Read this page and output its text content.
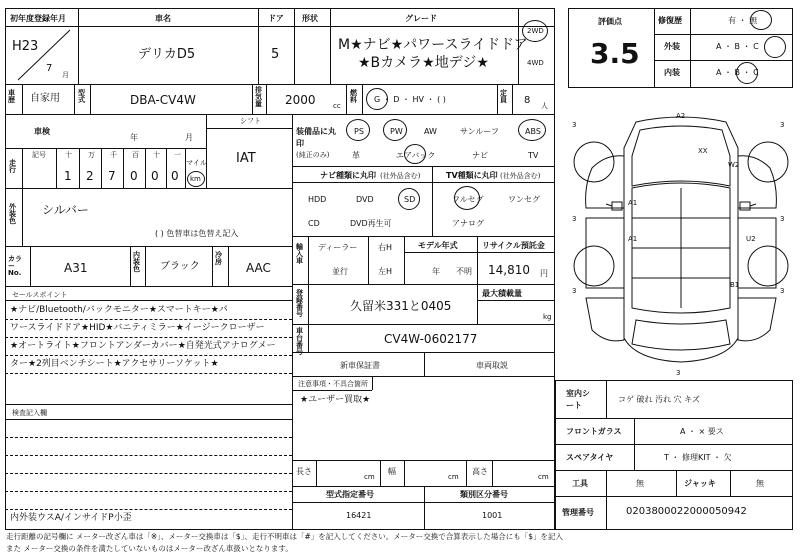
初年度登録年月	車名	ドア 形状	グレード
H23
7
月
デリカD5	5
M★ナビ★パワースライドドア
★Bカメラ★地デジ★
2WD
4WD
車歴 自家用	型式	DBA-CV4W
排気量 2000 cc
燃料 G ・ D ・ HV ・ ( )
定員 8 人
車検
年	月
シフト
IAT
走行
記号	十 万 千 百 十 一
マイル
1 2 7 0 0 0 km
外装色
シルバー
( ) 色替車は色替え記入
カラーNo.	A31
内装色 ブラック
冷房 AAC
セールスポイント
★ナビ/Bluetooth/バックモニター★スマートキー★パ
ワースライドドア★HID★バニティミラー★イージークローザー
★オートライト★フロントアンダーカバー★自発光式アナログメー
ター★2列目ベンチシート★アクセサリーソケット★
検査記入欄
内外装ウスA/インサイドP小歪
装備品に丸印
(純正のみ)
PS	PW	AW	サンルーフ	ABS
革	エアバック	ナビ	TV
ナビ種類に丸印 (社外品含む)	TV種類に丸印 (社外品含む)
HDD	DVD	SD
CD	DVD再生可
フルセグ	ワンセグ
アナログ
輸入車
ディーラー
並行
右H
左H
モデル年式
年 不明
リサイクル預託金
14,810 円
登録番号
久留米331と0405
最大積載量
kg
車台番号
CV4W-0602177
新車保証書	車両取説
注意事項・不具合箇所
★ユーザー買取★
長さ
cm
幅
cm
高さ
cm
型式指定番号	類別区分番号
16421	1001
評価点
3.5
修復歴	有 ・ 無
外装	A ・ B ・ C
内装	A ・ B ・ C
A2
XX
W2
A1
A1	U2
B1
3	3
3	3
3	3
3
室内シート
コゲ 破れ 汚れ 穴 キズ
フロントガラス	A ・ × 要ス
スペアタイヤ	T ・ 修理KIT ・ 欠
工具	無	ジャッキ	無
管理番号	0203800022000050942
走行距離の記号欄に メーター改ざん車は「※」、メーター交換車は「$」、走行不明車は「#」を記入してください。メーター交換で合算表示した場合にも「$」を記入
また メーター交換の条件を満たしていないものはメーター改ざん車扱いとなります。
